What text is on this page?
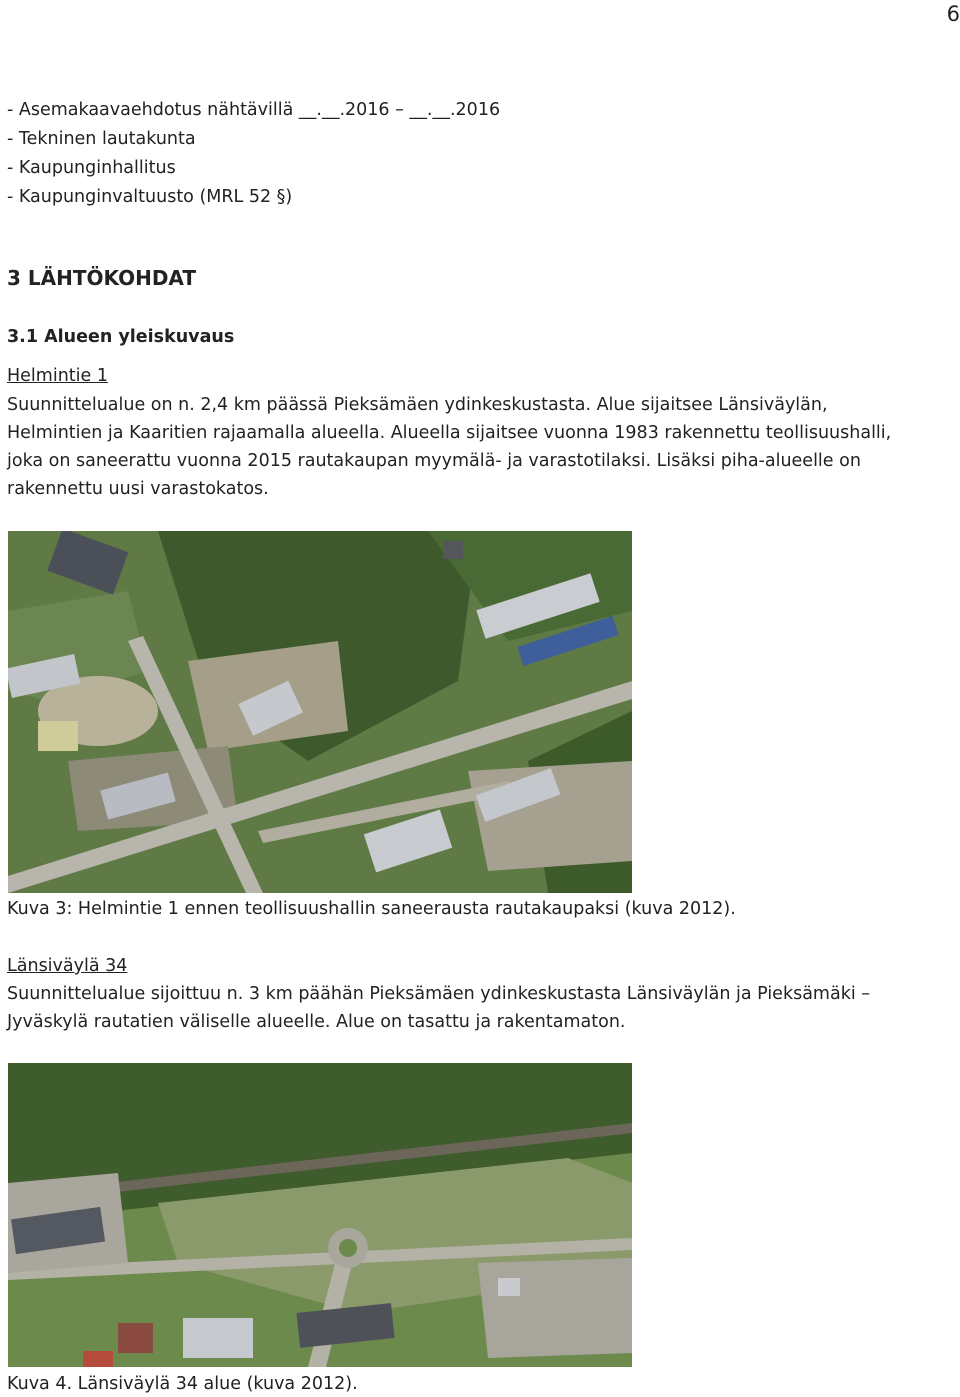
6
- Asemakaavaehdotus nähtävillä __.__.2016 – __.__.2016
- Tekninen lautakunta
- Kaupunginhallitus
- Kaupunginvaltuusto (MRL 52 §)
3 LÄHTÖKOHDAT
3.1 Alueen yleiskuvaus
Helmintie 1
Suunnittelualue on n. 2,4 km päässä Pieksämäen ydinkeskustasta. Alue sijaitsee Länsiväylän,
Helmintien ja Kaaritien rajaamalla alueella. Alueella sijaitsee vuonna 1983 rakennettu teollisuushalli,
joka on saneerattu vuonna 2015 rautakaupan myymälä- ja varastotilaksi. Lisäksi piha-alueelle on
rakennettu uusi varastokatos.
Kuva 3: Helmintie 1 ennen teollisuushallin saneerausta rautakaupaksi (kuva 2012).
Länsiväylä 34
Suunnittelualue sijoittuu n. 3 km päähän Pieksämäen ydinkeskustasta Länsiväylän ja Pieksämäki –
Jyväskylä rautatien väliselle alueelle. Alue on tasattu ja rakentamaton.
Kuva 4. Länsiväylä 34 alue (kuva 2012).
